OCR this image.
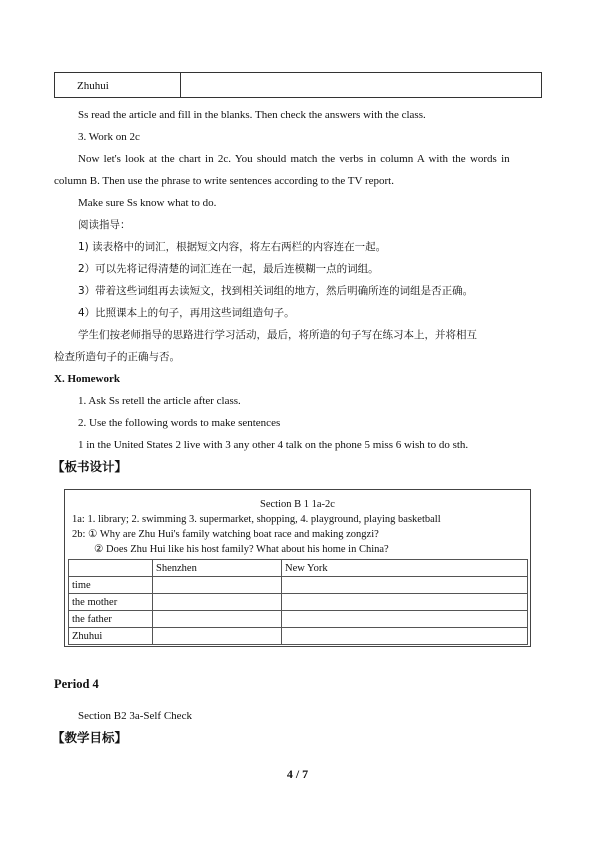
Zhuhui
Ss read the article and fill in the blanks. Then check the answers with the class.
3. Work on 2c
Now let's look at the chart in 2c. You should match the verbs in column A with the words in
column B. Then use the phrase to write sentences according to the TV report.
Make sure Ss know what to do.
阅读指导：
1) 读表格中的词汇，根据短文内容，将左右两栏的内容连在一起。
2）可以先将记得清楚的词汇连在一起，最后连模糊一点的词组。
3）带着这些词组再去读短文，找到相关词组的地方，然后明确所连的词组是否正确。
4）比照课本上的句子，再用这些词组造句子。
学生们按老师指导的思路进行学习活动，最后，将所造的句子写在练习本上，并将相互
检查所造句子的正确与否。
X. Homework
1. Ask Ss retell the article after class.
2. Use the following words to make sentences
1 in the United States 2 live with 3 any other 4 talk on the phone 5 miss 6 wish to do sth.
【板书设计】
Section B 1 1a-2c
1a: 1. library; 2. swimming 3. supermarket, shopping, 4. playground, playing basketball
2b: ① Why are Zhu Hui's family watching boat race and making zongzi?
② Does Zhu Hui like his host family? What about his home in China?
	Shenzhen	New York
time		
the mother		
the father		
Zhuhui		
Period 4
Section B2 3a-Self Check
【教学目标】
4 / 7
